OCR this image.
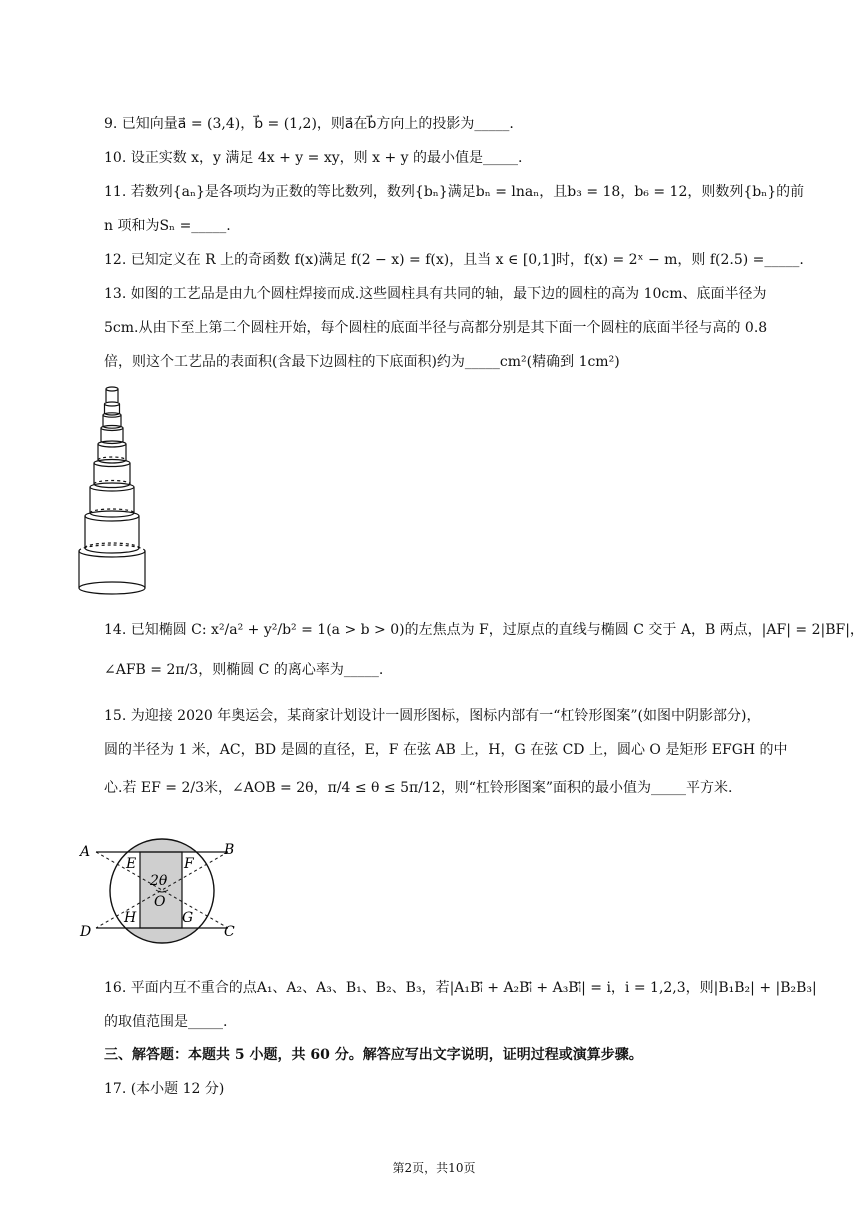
9. 已知向量a⃗ = (3,4)，b⃗ = (1,2)，则a⃗在b⃗方向上的投影为_____.
10. 设正实数 x，y 满足 4x + y = xy，则 x + y 的最小值是_____.
11. 若数列{aₙ}是各项均为正数的等比数列，数列{bₙ}满足bₙ = lnaₙ，且b₃ = 18，b₆ = 12，则数列{bₙ}的前
n 项和为Sₙ =_____.
12. 已知定义在 R 上的奇函数 f(x)满足 f(2 − x) = f(x)，且当 x ∈ [0,1]时，f(x) = 2ˣ − m，则 f(2.5) =_____.
13. 如图的工艺品是由九个圆柱焊接而成.这些圆柱具有共同的轴，最下边的圆柱的高为 10cm、底面半径为
5cm.从由下至上第二个圆柱开始，每个圆柱的底面半径与高都分别是其下面一个圆柱的底面半径与高的 0.8
倍，则这个工艺品的表面积(含最下边圆柱的下底面积)约为_____cm²(精确到 1cm²)
14. 已知椭圆 C: x²/a² + y²/b² = 1(a > b > 0)的左焦点为 F，过原点的直线与椭圆 C 交于 A，B 两点，|AF| = 2|BF|，
∠AFB = 2π/3，则椭圆 C 的离心率为_____.
15. 为迎接 2020 年奥运会，某商家计划设计一圆形图标，图标内部有一“杠铃形图案”(如图中阴影部分)，
圆的半径为 1 米，AC，BD 是圆的直径，E，F 在弦 AB 上，H，G 在弦 CD 上，圆心 O 是矩形 EFGH 的中
心.若 EF = 2/3米，∠AOB = 2θ，π/4 ≤ θ ≤ 5π/12，则“杠铃形图案”面积的最小值为_____平方米.
A	B
C
D
E	F
G
H
O
2θ
16. 平面内互不重合的点A₁、A₂、A₃、B₁、B₂、B₃，若|A₁Bᵢ⃗ + A₂Bᵢ⃗ + A₃Bᵢ⃗| = i，i = 1,2,3，则|B₁B₂| + |B₂B₃|
的取值范围是_____.
三、解答题：本题共 5 小题，共 60 分。解答应写出文字说明，证明过程或演算步骤。
17. (本小题 12 分)
第2页，共10页
